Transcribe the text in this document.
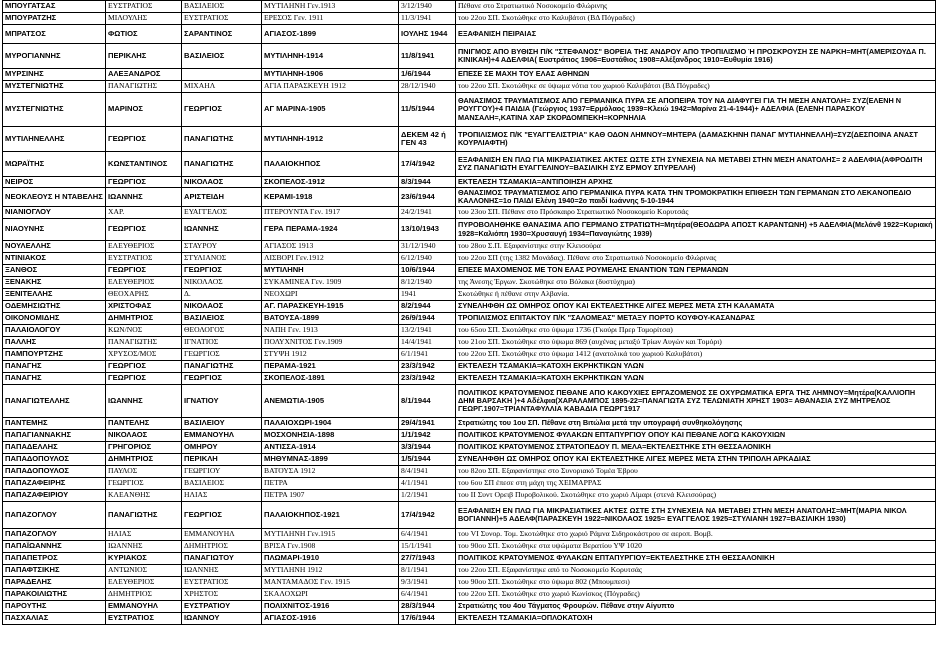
ΜΠΟΥΓΑΤΣΑΣ	ΕΥΣΤΡΑΤΙΟΣ	ΒΑΣΙΛΕΙΟΣ	ΜΥΤΙΛΗΝΗ Γεν.1913	3/12/1940	Πέθανε στο Στρατιωτικό Νοσοκομείο Φλώρινης
ΜΠΟΥΡΑΤΖΗΣ	ΜΙΛΟΥΛΗΣ	ΕΥΣΤΡΑΤΙΟΣ	ΕΡΕΣΟΣ Γεν. 1911	11/3/1941	του 22ου ΣΠ. Σκοτώθηκε στο Καλυβάτσι (ΒΔ Πόγραδες)
ΜΠΡΑΤΣΟΣ	ΦΩΤΙΟΣ	ΣΑΡΑΝΤΙΝΟΣ	ΑΓΙΑΣΟΣ-1899	ΙΟΥΛΗΣ 1944	ΕΞΑΦΑΝΙΣΗ ΠΕΙΡΑΙΑΣ
ΜΥΡΟΓΙΑΝΝΗΣ	ΠΕΡΙΚΛΗΣ	ΒΑΣΙΛΕΙΟΣ	ΜΥΤΙΛΗΝΗ-1914	11/8/1941	ΠΝΙΓΜΟΣ ΑΠΟ ΒΥΘΙΣΗ Π/Κ "ΣΤΕΦΑΝΟΣ" ΒΟΡΕΙΑ ΤΗΣ ΑΝΔΡΟΥ ΑΠΟ ΤΡΟΠΙΛΙΣΜΟ Ή ΠΡΟΣΚΡΟΥΣΗ ΣΕ ΝΑΡΚΗ=ΜΗΤ(ΑΜΕΡΙΣΟΥΔΑ Π. ΚΙΝΙΚΑΗ)+4 ΑΔΕΛΦΙΑ( Ευστράτιος 1906=Ευστάθιος 1908=Αλέξανδρος 1910=Ευθυμία 1916)
ΜΥΡΣΙΝΗΣ	ΑΛΕΞΑΝΔΡΟΣ		ΜΥΤΙΛΗΝΗ-1906	1/6/1944	ΕΠΕΣΕ ΣΕ ΜΑΧΗ ΤΟΥ ΕΛΑΣ ΑΘΗΝΩΝ
ΜΥΣΤΕΓΝΙΩΤΗΣ	ΠΑΝΑΓΙΩΤΗΣ	ΜΙΧΑΗΛ	ΑΓΙΑ ΠΑΡΑΣΚΕΥΗ 1912	28/12/1940	του 22ου ΣΠ. Σκοτώθηκε σε ύψωμα νότια του χωριού Καλυβάτσι (ΒΔ Πόγραδες)
ΜΥΣΤΕΓΝΙΩΤΗΣ	ΜΑΡΙΝΟΣ	ΓΕΩΡΓΙΟΣ	ΑΓ ΜΑΡΙΝΑ-1905	11/5/1944	ΘΑΝΑΣΙΜΟΣ ΤΡΑΥΜΑΤΙΣΜΟΣ ΑΠΟ ΓΕΡΜΑΝΙΚΑ ΠΥΡΑ ΣΕ ΑΠΟΠΕΙΡΑ ΤΟΥ ΝΑ ΔΙΑΦΥΓΕΙ ΓΙΑ ΤΗ ΜΕΣΗ ΑΝΑΤΟΛΗ= ΣΥΖ(ΕΛΕΝΗ Ν ΡΟΥΓΓΟΥ)+4 ΠΑΙΔΙΑ (Γεώργιος 1937=Ερμόλαος 1939=Κλειώ 1942=Μαρίνα 21-4-1944)+ ΑΔΕΛΦΙΑ (ΕΛΕΝΗ ΠΑΡΑΣΚΟΥ ΜΑΝΣΑΛΗ=,ΚΑΤΙΝΑ ΧΑΡ ΣΚΟΡΔΟΜΠΕΚΗ=ΚΟΡΝΗΛΙΑ
ΜΥΤΙΛΗΝΕΛΛΗΣ	ΓΕΩΡΓΙΟΣ	ΠΑΝΑΓΙΩΤΗΣ	ΜΥΤΙΛΗΝΗ-1912	ΔΕΚΕΜ 42 ή ΓΕΝ 43	ΤΡΟΠΙΛΙΣΜΟΣ Π/Κ "ΕΥΑΓΓΕΛΙΣΤΡΙΑ" ΚΑΘ ΟΔΟΝ ΛΗΜΝΟΥ=ΜΗΤΕΡΑ (ΔΑΜΑΣΚΗΝΗ ΠΑΝΑΓ ΜΥΤΙΛΗΝΕΛΛΗ)=ΣΥΖ(ΔΕΣΠΟΙΝΑ ΑΝΑΣΤ ΚΟΥΡΛΙΑΦΤΗ)
ΜΩΡΑΪΤΗΣ	ΚΩΝΣΤΑΝΤΙΝΟΣ	ΠΑΝΑΓΙΩΤΗΣ	ΠΑΛΑΙΟΚΗΠΟΣ	17/4/1942	ΕΞΑΦΑΝΙΣΗ ΕΝ ΠΛΩ ΓΙΑ ΜΙΚΡΑΣΙΑΤΙΚΕΣ ΑΚΤΕΣ ΩΣΤΕ ΣΤΗ ΣΥΝΕΧΕΙΑ ΝΑ ΜΕΤΑΒΕΙ ΣΤΗΝ ΜΕΣΗ ΑΝΑΤΟΛΗΣ= 2 ΑΔΕΛΦΙΑ(ΑΦΡΟΔΙΤΗ ΣΥΖ ΠΑΝΑΓΙΩΤΗ ΕΥΑΓΓΕΛΙΝΟΥ=ΒΑΣΙΛΙΚΗ ΣΥΖ ΕΡΜΟΥ ΣΠΥΡΕΛΛΗ)
ΝΕΙΡΟΣ	ΓΕΩΡΓΙΟΣ	ΝΙΚΟΛΑΟΣ	ΣΚΟΠΕΛΟΣ-1912	8/3/1944	ΕΚΤΕΛΕΣΗ ΤΣΑΜΑΚΙΑ=ΑΝΤΙΠΟΙΗΣΗ ΑΡΧΗΣ
ΝΕΟΚΛΕΟΥΣ Η ΝΤΑΒΕΛΗΣ	ΙΩΑΝΝΗΣ	ΑΡΙΣΤΕΙΔΗ	ΚΕΡΑΜΙ-1918	23/6/1944	ΘΑΝΑΣΙΜΟΣ ΤΡΑΥΜΑΤΙΣΜΟΣ ΑΠΟ ΓΕΡΜΑΝΙΚΑ ΠΥΡΑ ΚΑΤΑ ΤΗΝ ΤΡΟΜΟΚΡΑΤΙΚΗ ΕΠΙΘΕΣΗ ΤΩΝ ΓΕΡΜΑΝΩΝ ΣΤΟ ΛΕΚΑΝΟΠΕΔΙΟ ΚΑΛΛΟΝΗΣ=1ο ΠΑΙΔΙ Ελένη 1940=2ο παιδί Ιωάννης 5-10-1944
ΝΙΑΝΙΟΓΛΟΥ	ΧΑΡ.	ΕΥΑΓΓΕΛΟΣ	ΠΤΕΡΟΥΝΤΑ Γεν. 1917	24/2/1941	του 23ου ΣΠ. Πέθανε στο Πρόσκαιρο Στρατιωτικό Νοσοκομείο Κορυτσάς
ΝΙΑΟΥΝΗΣ	ΓΕΩΡΓΙΟΣ	ΙΩΑΝΝΗΣ	ΓΕΡΑ ΠΕΡΑΜΑ-1924	13/10/1943	ΠΥΡΟΒΟΛΗΘΗΚΕ ΘΑΝΑΣΙΜΑ ΑΠΟ ΓΕΡΜΑΝΟ ΣΤΡΑΤΙΩΤΗ=Μητέρα(ΘΕΟΔΩΡΑ ΑΠΟΣΤ ΚΑΡΑΝΤΩΝΗ) +5 ΑΔΕΛΦΙΑ(Μελάνθ 1922=Κυριακή 1928=Καλιόπη 1930=Χρυσαυγή 1934=Παναγιώτης 1939)
ΝΟΥΛΕΛΛΗΣ	ΕΛΕΥΘΕΡΙΟΣ	ΣΤΑΥΡΟΥ	ΑΓΙΑΣΟΣ 1913	31/12/1940	του 28ου Σ.Π. Εξαφανίστηκε στην Κλεισούρα
ΝΤΙΝΙΑΚΟΣ	ΕΥΣΤΡΑΤΙΟΣ	ΣΤΥΛΙΑΝΟΣ	ΛΙΣΒΟΡΙ Γεν.1912	6/12/1940	του 22ου ΣΠ (της 1382 Μονάδας). Πέθανε στο Στρατιωτικό Νοσοκομείο Φλώρινας
ΞΑΝΘΟΣ	ΓΕΩΡΓΙΟΣ	ΓΕΩΡΓΙΟΣ	ΜΥΤΙΛΗΝΗ	10/6/1944	ΕΠΕΣΕ ΜΑΧΟΜΕΝΟΣ ΜΕ ΤΟΝ ΕΛΑΣ ΡΟΥΜΕΛΗΣ ΕΝΑΝΤΙΟΝ ΤΩΝ ΓΕΡΜΑΝΩΝ
ΞΕΝΑΚΗΣ	ΕΛΕΥΘΕΡΙΟΣ	ΝΙΚΟΛΑΟΣ	ΣΥΚΑΜΙΝΕΑ Γεν. 1909	8/12/1940	της Άνεσης Έργων. Σκοτώθηκε στο Βόλακα (δυστύχημα)
ΞΕΝΙΤΕΛΛΗΣ	ΘΕΟΧΑΡΗΣ	Δ.	ΝΕΟΧΩΡΙ	1941	Σκοτώθηκε ή πέθανε στην Αλβανία.
ΟΔΕΜΗΣΙΩΤΗΣ	ΧΡΙΣΤΟΦΑΣ	ΝΙΚΟΛΑΟΣ	ΑΓ. ΠΑΡΑΣΚΕΥΗ-1915	8/2/1944	ΣΥΝΕΛΗΦΘΗ ΩΣ ΟΜΗΡΟΣ ΟΠΟΥ ΚΑΙ ΕΚΤΕΛΕΣΤΗΚΕ ΛΙΓΕΣ ΜΕΡΕΣ ΜΕΤΑ ΣΤΗ ΚΑΛΑΜΑΤΑ
ΟΙΚΟΝΟΜΙΔΗΣ	ΔΗΜΗΤΡΙΟΣ	ΒΑΣΙΛΕΙΟΣ	ΒΑΤΟΥΣΑ-1899	26/9/1944	ΤΡΟΠΙΛΙΣΜΟΣ ΕΠΙΤΑΚΤΟΥ Π/Κ "ΣΑΛΟΜΕΑΣ" ΜΕΤΑΞΥ ΠΟΡΤΟ ΚΟΥΦΟΥ-ΚΑΣΑΝΔΡΑΣ
ΠΑΛΑΙΟΛΟΓΟΥ	ΚΩΝ/ΝΟΣ	ΘΕΟΛΟΓΟΣ	ΝΑΠΗ Γεν. 1913	13/2/1941	του 65ου ΣΠ. Σκοτώθηκε στο ύψωμα 1736 (Γκούρι Πρερ Τομορίτσα)
ΠΑΛΛΗΣ	ΠΑΝΑΓΙΩΤΗΣ	ΙΓΝΑΤΙΟΣ	ΠΟΛΥΧΝΙΤΟΣ Γεν.1909	14/4/1941	του 21ου ΣΠ. Σκοτώθηκε στο ύψωμα 869 (αυχένας μεταξύ Τρίων Αυγών και Τομόρι)
ΠΑΜΠΟΥΡΤΖΗΣ	ΧΡΥΣΟΣ/ΜΟΣ	ΓΕΩΡΓΙΟΣ	ΣΤΥΨΗ 1912	6/1/1941	του 22ου ΣΠ. Σκοτώθηκε στο ύψωμα 1412 (ανατολικά του χωριού Καλυβάτσι)
ΠΑΝΑΓΗΣ	ΓΕΩΡΓΙΟΣ	ΠΑΝΑΓΙΩΤΗΣ	ΠΕΡΑΜΑ-1921	23/3/1942	ΕΚΤΕΛΕΣΗ ΤΣΑΜΑΚΙΑ=ΚΑΤΟΧΗ ΕΚΡΗΚΤΙΚΩΝ ΥΛΩΝ
ΠΑΝΑΓΗΣ	ΓΕΩΡΓΙΟΣ	ΓΕΩΡΓΙΟΣ	ΣΚΟΠΕΛΟΣ-1891	23/3/1942	ΕΚΤΕΛΕΣΗ ΤΣΑΜΑΚΙΑ=ΚΑΤΟΧΗ ΕΚΡΗΚΤΙΚΩΝ ΥΛΩΝ
ΠΑΝΑΓΙΩΤΕΛΛΗΣ	ΙΩΑΝΝΗΣ	ΙΓΝΑΤΙΟΥ	ΑΝΕΜΩΤΙΑ-1905	8/1/1944	ΠΟΛΙΤΙΚΟΣ ΚΡΑΤΟΥΜΕΝΟΣ ΠΕΘΑΝΕ ΑΠΟ ΚΑΚΟΥΧΙΕΣ ΕΡΓΑΖΟΜΕΝΟΣ ΣΕ ΟΧΥΡΩΜΑΤΙΚΑ ΕΡΓΑ ΤΗΣ ΛΗΜΝΟΥ=Μητέρα(ΚΑΛΛΙΟΠΗ ΔΗΜ ΒΑΡΣΑΚΗ )+4 Αδέλφια(ΧΑΡΑΛΑΜΠΟΣ 1895-22=ΠΑΝΑΓΙΩΤΑ ΣΥΖ ΤΕΛΩΝΙΑΤΗ ΧΡΗΣΤ 1903= ΑΘΑΝΑΣΙΑ ΣΥΖ ΜΗΤΡΕΛΟΣ ΓΕΩΡΓ.1907=ΤΡΙΑΝΤΑΦΥΛΛΙΑ ΚΑΒΑΔΙΑ ΓΕΩΡΓ1917
ΠΑΝΤΕΜΗΣ	ΠΑΝΤΕΛΗΣ	ΒΑΣΙΛΕΙΟΥ	ΠΑΛΑΙΟΧΩΡΙ-1904	29/4/1941	Στρατιώτης του 1ου ΣΠ. Πέθανε στη Βιτώλια μετά την υπογραφή συνθηκολόγησης
ΠΑΠΑΓΙΑΝΝΑΚΗΣ	ΝΙΚΟΛΑΟΣ	ΕΜΜΑΝΟΥΗΛ	ΜΟΣΧΟΝΗΣΙΑ-1898	1/1/1942	ΠΟΛΙΤΙΚΟΣ ΚΡΑΤΟΥΜΕΝΟΣ ΦΥΛΑΚΩΝ ΕΠΤΑΠΥΡΓΙΟΥ ΟΠΟΥ ΚΑΙ ΠΕΘΑΝΕ ΛΟΓΩ ΚΑΚΟΥΧΙΩΝ
ΠΑΠΑΔΕΛΛΗΣ	ΓΡΗΓΟΡΙΟΣ	ΟΜΗΡΟΥ	ΑΝΤΙΣΣΑ-1914	3/3/1944	ΠΟΛΙΤΙΚΟΣ ΚΡΑΤΟΥΜΕΝΟΣ ΣΤΡΑΤΟΠΕΔΟΥ Π. ΜΕΛΑ=ΕΚΤΕΛΕΣΤΗΚΕ ΣΤΗ ΘΕΣΣΑΛΟΝΙΚΗ
ΠΑΠΑΔΟΠΟΥΛΟΣ	ΔΗΜΗΤΡΙΟΣ	ΠΕΡΙΚΛΗ	ΜΗΘΥΜΝΑΣ-1899	1/5/1944	ΣΥΝΕΛΗΦΘΗ ΩΣ ΟΜΗΡΟΣ ΟΠΟΥ ΚΑΙ ΕΚΤΕΛΕΣΤΗΚΕ ΛΙΓΕΣ ΜΕΡΕΣ ΜΕΤΑ ΣΤΗΝ ΤΡΙΠΟΛΗ ΑΡΚΑΔΙΑΣ
ΠΑΠΑΔΟΠΟΥΛΟΣ	ΠΑΥΛΟΣ	ΓΕΩΡΓΙΟΥ	ΒΑΤΟΥΣΑ 1912	8/4/1941	του 82ου ΣΠ. Εξαφανίστηκε στο Συνοριακό Τομέα Έβρου
ΠΑΠΑΖΑΦΕΙΡΗΣ	ΓΕΩΡΓΙΟΣ	ΒΑΣΙΛΕΙΟΣ	ΠΕΤΡΑ	4/1/1941	του 6ου ΣΠ έπεσε στη μάχη της ΧΕΙΜΑΡΡΑΣ
ΠΑΠΑΖΑΦΕΙΡΙΟΥ	ΚΛΕΑΝΘΗΣ	ΗΛΙΑΣ	ΠΕΤΡΑ 1907	1/2/1941	του ΙΙ Συντ Ορειβ Πυροβολικού. Σκοτώθηκε στο χωριό Λίμαρι (στενά Κλεισούρας)
ΠΑΠΑΖΟΓΛΟΥ	ΠΑΝΑΓΙΩΤΗΣ	ΓΕΩΡΓΙΟΣ	ΠΑΛΑΙΟΚΗΠΟΣ-1921	17/4/1942	ΕΞΑΦΑΝΙΣΗ ΕΝ ΠΛΩ ΓΙΑ ΜΙΚΡΑΣΙΑΤΙΚΕΣ ΑΚΤΕΣ ΩΣΤΕ ΣΤΗ ΣΥΝΕΧΕΙΑ ΝΑ ΜΕΤΑΒΕΙ ΣΤΗΝ ΜΕΣΗ ΑΝΑΤΟΛΗΣ=ΜΗΤ(ΜΑΡΙΑ ΝΙΚΟΛ ΒΟΓΙΑΝΝΗ)+5 ΑΔΕΛΦ(ΠΑΡΑΣΚΕΥΗ 1922=ΝΙΚΟΛΑΟΣ 1925= ΕΥΑΓΓΕΛΟΣ 1925=ΣΤΥΛΙΑΝΗ 1927=ΒΑΣΙΛΙΚΗ 1930)
ΠΑΠΑΖΟΓΛΟΥ	ΗΛΙΑΣ	ΕΜΜΑΝΟΥΗΛ	ΜΥΤΙΛΗΝΗ Γεν.1915	6/4/1941	του VI Συνορ. Τομ. Σκοτώθηκε στο χωριό Ράμνα Σιδηροκάστρου σε αεροπ. Βομβ.
ΠΑΠΑΪΩΑΝΝΗΣ	ΙΩΑΝΝΗΣ	ΔΗΜΗΤΡΙΟΣ	ΒΡΙΣΑ Γεν.1908	15/1/1941	του 90ου ΣΠ. Σκοτώθηκε στα υψώματα Βερατίου ΥΨ 1020
ΠΑΠΑΠΕΤΡΟΣ	ΚΥΡΙΑΚΟΣ	ΠΑΝΑΓΙΩΤΟΥ	ΠΛΩΜΑΡΙ-1910	27/7/1943	ΠΟΛΙΤΙΚΟΣ ΚΡΑΤΟΥΜΕΝΟΣ ΦΥΛΑΚΩΝ ΕΠΤΑΠΥΡΓΙΟΥ=ΕΚΤΕΛΕΣΤΗΚΕ ΣΤΗ ΘΕΣΣΑΛΟΝΙΚΗ
ΠΑΠΑΦΤΣΙΚΗΣ	ΑΝΤΩΝΙΟΣ	ΙΩΑΝΝΗΣ	ΜΥΤΙΛΗΝΗ 1912	8/1/1941	του 22ου ΣΠ. Εξαφανίστηκε από το Νοσοκομείο Κορυτσάς
ΠΑΡΑΔΕΛΗΣ	ΕΛΕΥΘΕΡΙΟΣ	ΕΥΣΤΡΑΤΙΟΣ	ΜΑΝΤΑΜΑΔΟΣ Γεν. 1915	9/3/1941	του 90ου ΣΠ. Σκοτώθηκε στο ύψωμα 802 (Μπουμπεσι)
ΠΑΡΑΚΟΙΛΙΩΤΗΣ	ΔΗΜΗΤΡΙΟΣ	ΧΡΗΣΤΟΣ	ΣΚΑΛΟΧΩΡΙ	6/4/1941	του 22ου ΣΠ. Σκοτώθηκε στο χωριό Κωνίσκος (Πόγραδες)
ΠΑΡΟΥΤΗΣ	ΕΜΜΑΝΟΥΗΛ	ΕΥΣΤΡΑΤΙΟΥ	ΠΟΛΙΧΝΙΤΟΣ-1916	28/3/1944	Στρατιώτης του 4ου Τάγματος Φρουρών. Πέθανε στην Αίγυπτο
ΠΑΣΧΑΛΙΑΣ	ΕΥΣΤΡΑΤΙΟΣ	ΙΩΑΝΝΟΥ	ΑΓΙΑΣΟΣ-1916	17/6/1944	ΕΚΤΕΛΕΣΗ ΤΣΑΜΑΚΙΑ=ΟΠΛΟΚΑΤΟΧΗ
